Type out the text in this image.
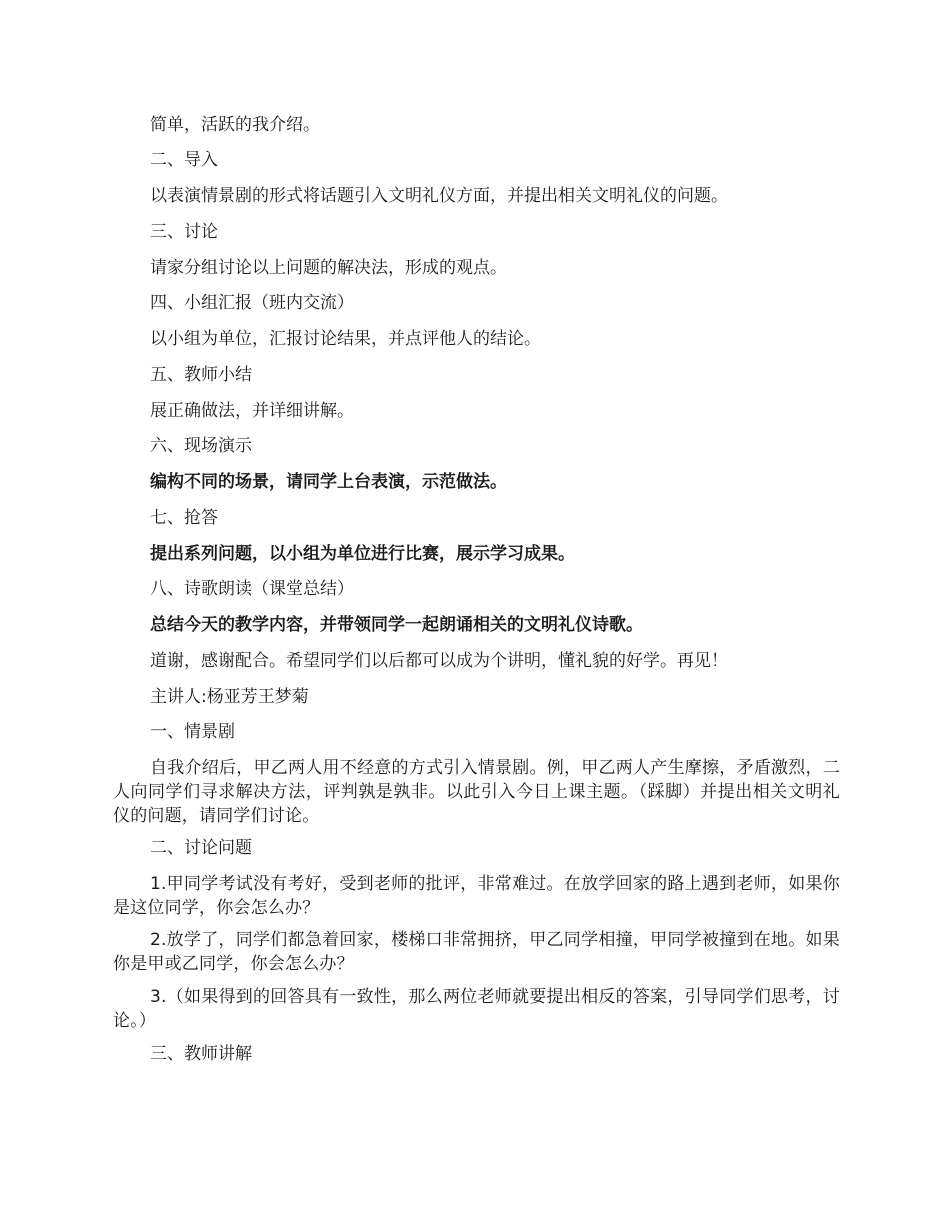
简单，活跃的我介绍。

二、导入

以表演情景剧的形式将话题引入文明礼仪方面，并提出相关文明礼仪的问题。

三、讨论

请家分组讨论以上问题的解决法，形成的观点。

四、小组汇报（班内交流）

以小组为单位，汇报讨论结果，并点评他人的结论。

五、教师小结

展正确做法，并详细讲解。

六、现场演示

编构不同的场景，请同学上台表演，示范做法。

七、抢答

提出系列问题，以小组为单位进行比赛，展示学习成果。

八、诗歌朗读（课堂总结）

总结今天的教学内容，并带领同学一起朗诵相关的文明礼仪诗歌。

道谢，感谢配合。希望同学们以后都可以成为个讲明，懂礼貌的好学。再见！

主讲人:杨亚芳王梦菊

一、情景剧

自我介绍后，甲乙两人用不经意的方式引入情景剧。例，甲乙两人产生摩擦，矛盾激烈，二人向同学们寻求解决方法，评判孰是孰非。以此引入今日上课主题。（踩脚）并提出相关文明礼仪的问题，请同学们讨论。

二、讨论问题

1.甲同学考试没有考好，受到老师的批评，非常难过。在放学回家的路上遇到老师，如果你是这位同学，你会怎么办？

2.放学了，同学们都急着回家，楼梯口非常拥挤，甲乙同学相撞，甲同学被撞到在地。如果你是甲或乙同学，你会怎么办？

3.（如果得到的回答具有一致性，那么两位老师就要提出相反的答案，引导同学们思考，讨论。）

三、教师讲解
